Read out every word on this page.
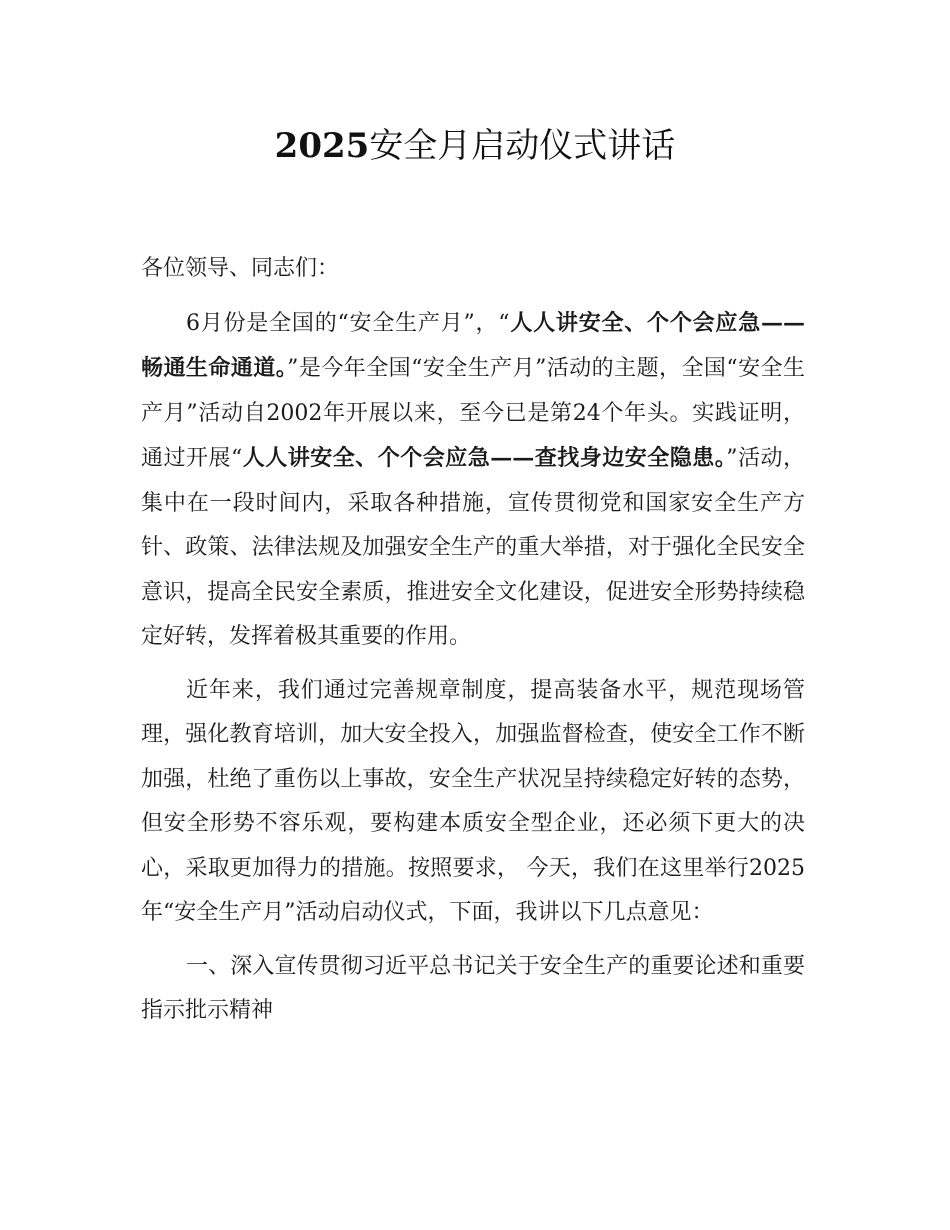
2025安全月启动仪式讲话

各位领导、同志们：

6月份是全国的“安全生产月”，“人人讲安全、个个会应急——畅通生命通道。”是今年全国“安全生产月”活动的主题，全国“安全生产月”活动自2002年开展以来，至今已是第24个年头。实践证明，通过开展“人人讲安全、个个会应急——查找身边安全隐患。”活动，集中在一段时间内，采取各种措施，宣传贯彻党和国家安全生产方针、政策、法律法规及加强安全生产的重大举措，对于强化全民安全意识，提高全民安全素质，推进安全文化建设，促进安全形势持续稳定好转，发挥着极其重要的作用。

近年来，我们通过完善规章制度，提高装备水平，规范现场管理，强化教育培训，加大安全投入，加强监督检查，使安全工作不断加强，杜绝了重伤以上事故，安全生产状况呈持续稳定好转的态势，但安全形势不容乐观，要构建本质安全型企业，还必须下更大的决心，采取更加得力的措施。按照要求， 今天，我们在这里举行2025年“安全生产月”活动启动仪式，下面，我讲以下几点意见：

一、深入宣传贯彻习近平总书记关于安全生产的重要论述和重要指示批示精神
